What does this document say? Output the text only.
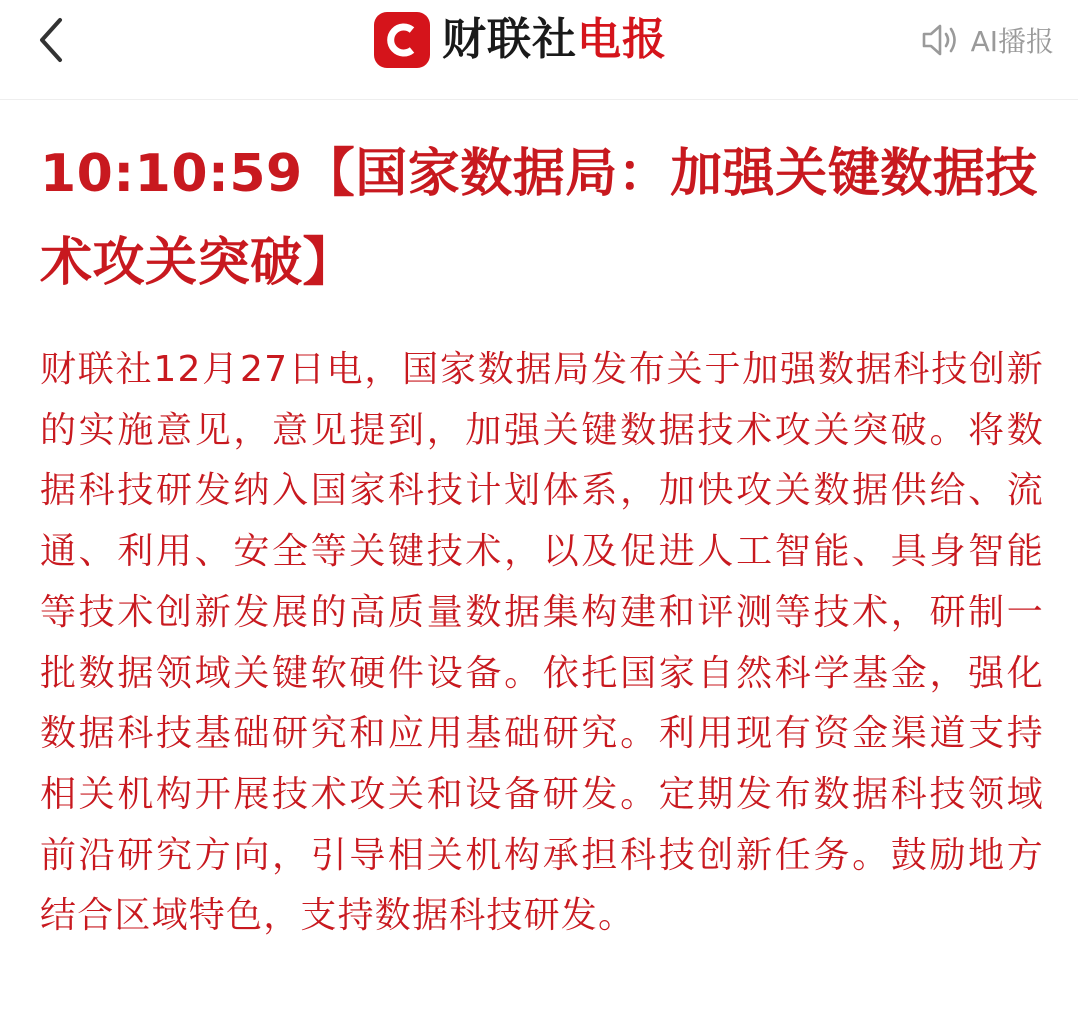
财联社电报	AI播报
10:10:59【国家数据局：加强关键数据技术攻关突破】

财联社12月27日电，国家数据局发布关于加强数据科技创新的实施意见，意见提到，加强关键数据技术攻关突破。将数据科技研发纳入国家科技计划体系，加快攻关数据供给、流通、利用、安全等关键技术，以及促进人工智能、具身智能等技术创新发展的高质量数据集构建和评测等技术，研制一批数据领域关键软硬件设备。依托国家自然科学基金，强化数据科技基础研究和应用基础研究。利用现有资金渠道支持相关机构开展技术攻关和设备研发。定期发布数据科技领域前沿研究方向，引导相关机构承担科技创新任务。鼓励地方结合区域特色，支持数据科技研发。
